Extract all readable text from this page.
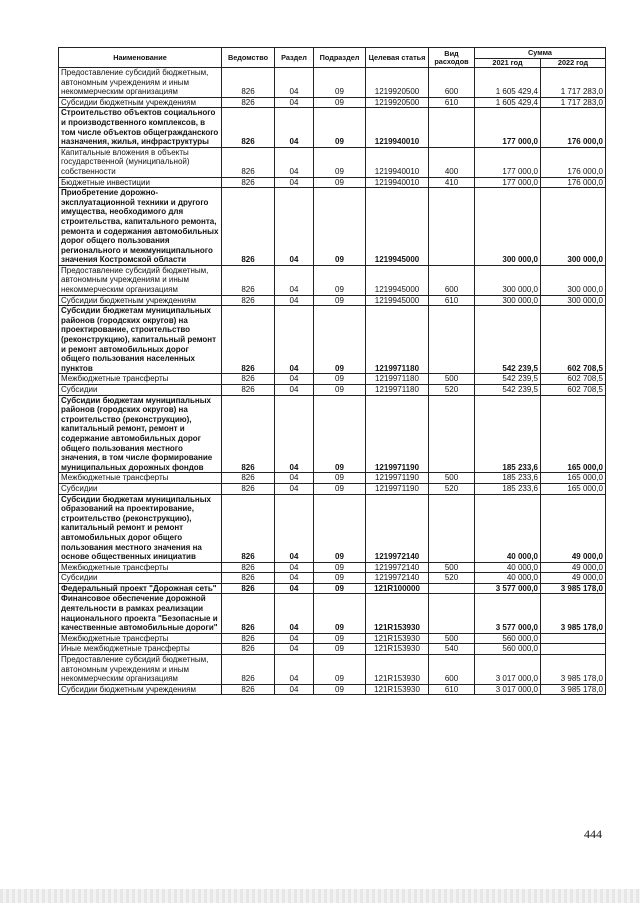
Наименование	Ведомство	Раздел	Подраздел	Целевая статья	Вид расходов	Сумма	
						2021 год	2022 год
Предоставление субсидий бюджетным, автономным учреждениям и иным некоммерческим организациям	826	04	09	1219920500	600	1 605 429,4	1 717 283,0
Субсидии бюджетным учреждениям	826	04	09	1219920500	610	1 605 429,4	1 717 283,0
Строительство объектов социального и производственного комплексов, в том числе объектов общегражданского назначения, жилья, инфраструктуры	826	04	09	1219940010		177 000,0	176 000,0
Капитальные вложения в объекты государственной (муниципальной) собственности	826	04	09	1219940010	400	177 000,0	176 000,0
Бюджетные инвестиции	826	04	09	1219940010	410	177 000,0	176 000,0
Приобретение дорожно-эксплуатационной техники и другого имущества, необходимого для строительства, капитального ремонта, ремонта и содержания автомобильных дорог общего пользования регионального и межмуниципального значения Костромской области	826	04	09	1219945000		300 000,0	300 000,0
Предоставление субсидий бюджетным, автономным учреждениям и иным некоммерческим организациям	826	04	09	1219945000	600	300 000,0	300 000,0
Субсидии бюджетным учреждениям	826	04	09	1219945000	610	300 000,0	300 000,0
Субсидии бюджетам муниципальных районов (городских округов) на проектирование, строительство (реконструкцию), капитальный ремонт и ремонт автомобильных дорог общего пользования населенных пунктов	826	04	09	1219971180		542 239,5	602 708,5
Межбюджетные трансферты	826	04	09	1219971180	500	542 239,5	602 708,5
Субсидии	826	04	09	1219971180	520	542 239,5	602 708,5
Субсидии бюджетам муниципальных районов (городских округов) на строительство (реконструкцию), капитальный ремонт, ремонт и содержание автомобильных дорог общего пользования местного значения, в том числе формирование муниципальных дорожных фондов	826	04	09	1219971190		185 233,6	165 000,0
Межбюджетные трансферты	826	04	09	1219971190	500	185 233,6	165 000,0
Субсидии	826	04	09	1219971190	520	185 233,6	165 000,0
Субсидии бюджетам муниципальных образований на проектирование, строительство (реконструкцию), капитальный ремонт и ремонт автомобильных дорог общего пользования местного значения на основе общественных инициатив	826	04	09	1219972140		40 000,0	49 000,0
Межбюджетные трансферты	826	04	09	1219972140	500	40 000,0	49 000,0
Субсидии	826	04	09	1219972140	520	40 000,0	49 000,0
Федеральный проект "Дорожная сеть"	826	04	09	121R100000		3 577 000,0	3 985 178,0
Финансовое обеспечение дорожной деятельности в рамках реализации национального проекта "Безопасные и качественные автомобильные дороги"	826	04	09	121R153930		3 577 000,0	3 985 178,0
Межбюджетные трансферты	826	04	09	121R153930	500	560 000,0	
Иные межбюджетные трансферты	826	04	09	121R153930	540	560 000,0	
Предоставление субсидий бюджетным, автономным учреждениям и иным некоммерческим организациям	826	04	09	121R153930	600	3 017 000,0	3 985 178,0
Субсидии бюджетным учреждениям	826	04	09	121R153930	610	3 017 000,0	3 985 178,0
444
